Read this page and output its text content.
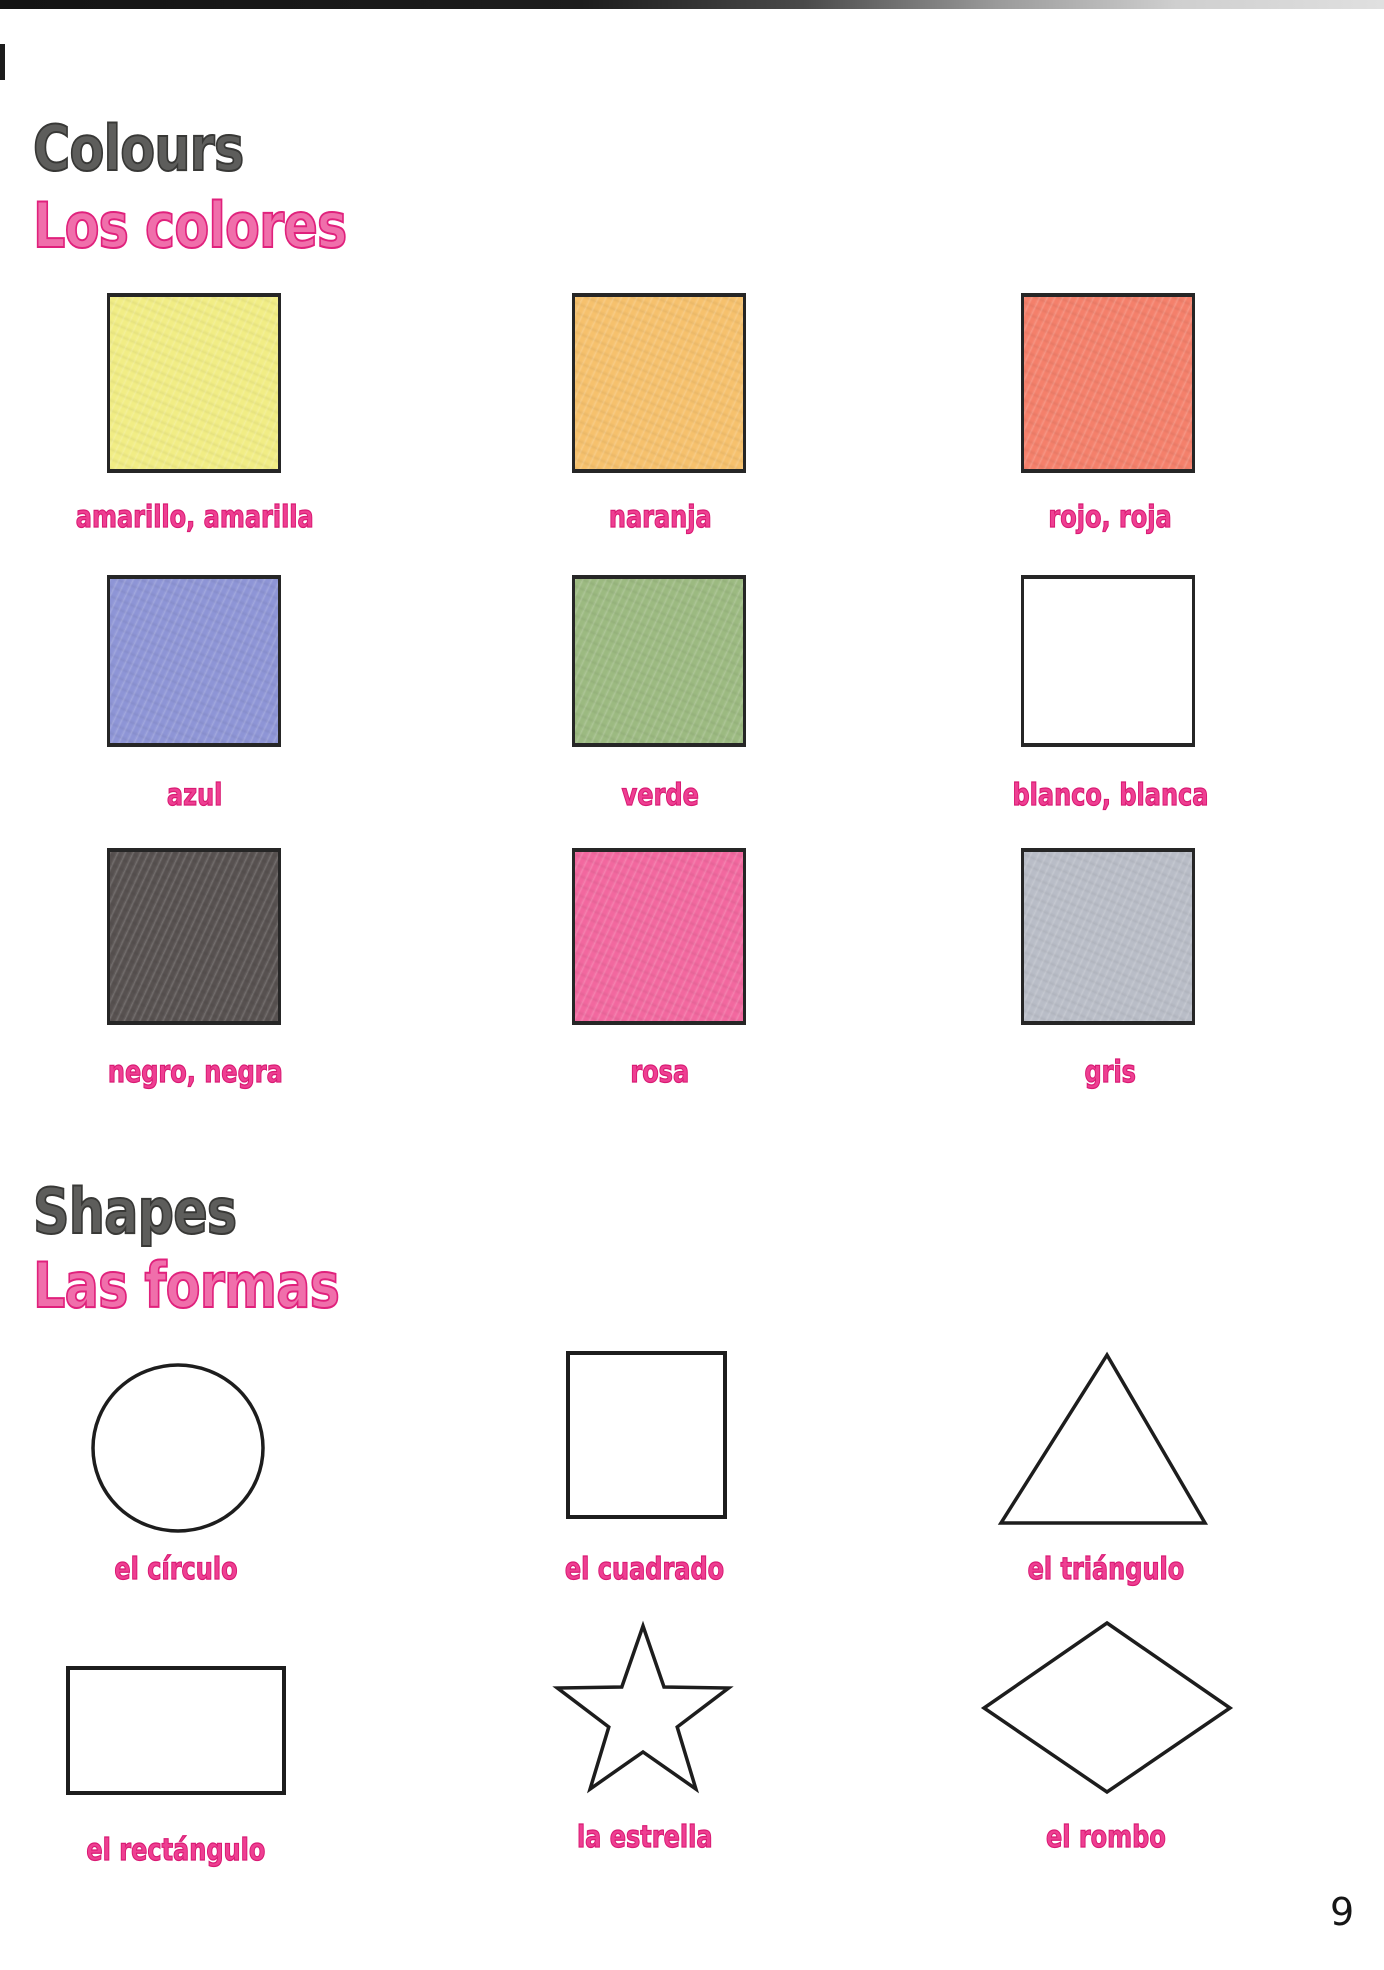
Colours
Los colores
amarillo, amarilla	naranja	rojo, roja
azul	verde	blanco, blanca
negro, negra	rosa	gris
Shapes
Las formas
el círculo	el cuadrado	el triángulo
el rectángulo	la estrella	el rombo
9
